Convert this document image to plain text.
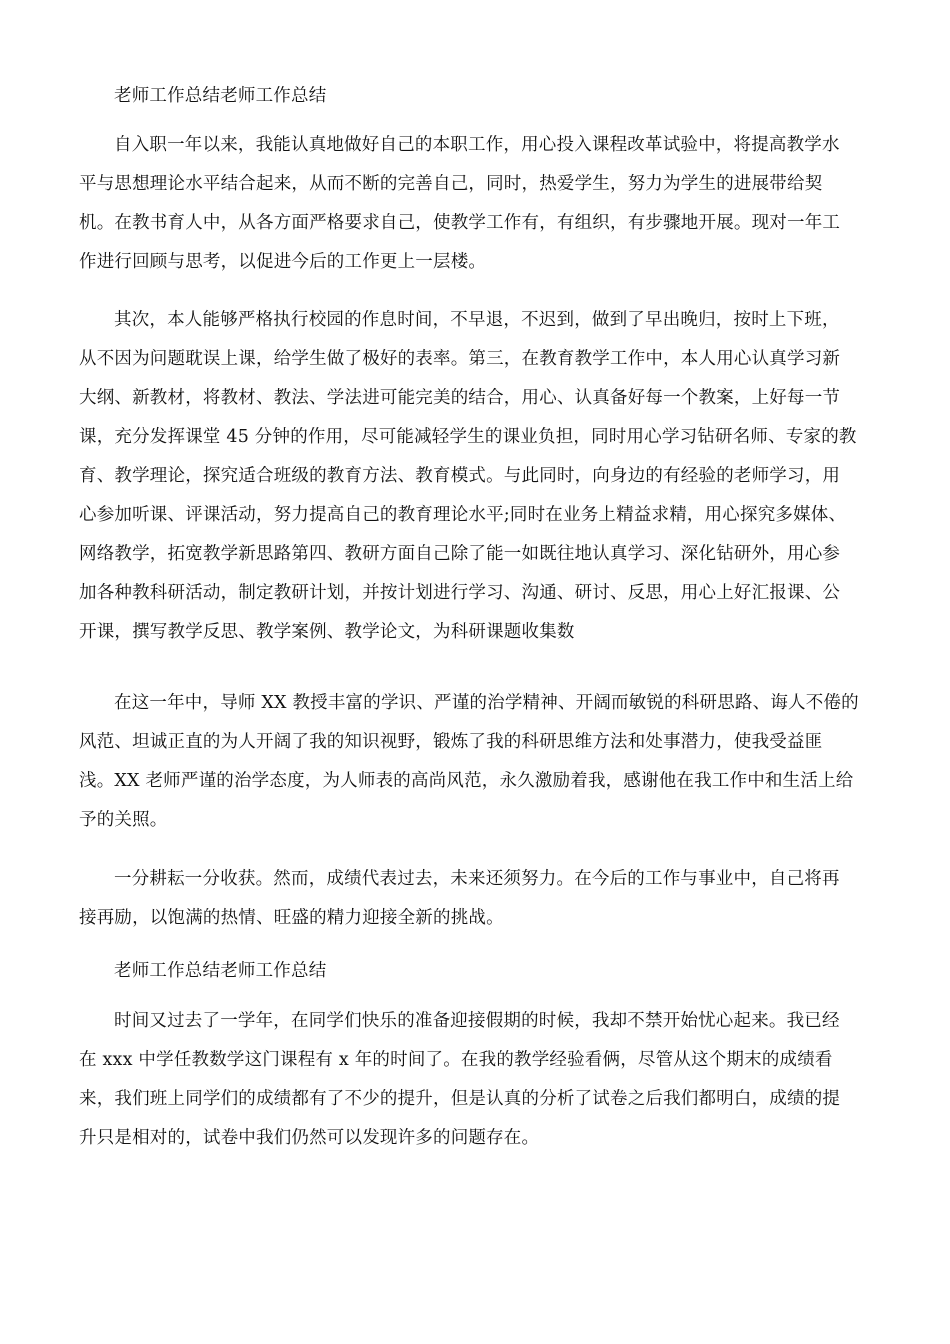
老师工作总结老师工作总结
自入职一年以来，我能认真地做好自己的本职工作，用心投入课程改革试验中，将提高教学水
平与思想理论水平结合起来，从而不断的完善自己，同时，热爱学生，努力为学生的进展带给契
机。在教书育人中，从各方面严格要求自己，使教学工作有，有组织，有步骤地开展。现对一年工
作进行回顾与思考，以促进今后的工作更上一层楼。
其次，本人能够严格执行校园的作息时间，不早退，不迟到，做到了早出晚归，按时上下班，
从不因为问题耽误上课，给学生做了极好的表率。第三，在教育教学工作中，本人用心认真学习新
大纲、新教材，将教材、教法、学法进可能完美的结合，用心、认真备好每一个教案，上好每一节
课，充分发挥课堂 45 分钟的作用，尽可能减轻学生的课业负担，同时用心学习钻研名师、专家的教
育、教学理论，探究适合班级的教育方法、教育模式。与此同时，向身边的有经验的老师学习，用
心参加听课、评课活动，努力提高自己的教育理论水平;同时在业务上精益求精，用心探究多媒体、
网络教学，拓宽教学新思路第四、教研方面自己除了能一如既往地认真学习、深化钻研外，用心参
加各种教科研活动，制定教研计划，并按计划进行学习、沟通、研讨、反思，用心上好汇报课、公
开课，撰写教学反思、教学案例、教学论文，为科研课题收集数
在这一年中，导师 XX 教授丰富的学识、严谨的治学精神、开阔而敏锐的科研思路、诲人不倦的
风范、坦诚正直的为人开阔了我的知识视野，锻炼了我的科研思维方法和处事潜力，使我受益匪
浅。XX 老师严谨的治学态度，为人师表的高尚风范，永久激励着我，感谢他在我工作中和生活上给
予的关照。
一分耕耘一分收获。然而，成绩代表过去，未来还须努力。在今后的工作与事业中，自己将再
接再励，以饱满的热情、旺盛的精力迎接全新的挑战。
老师工作总结老师工作总结
时间又过去了一学年，在同学们快乐的准备迎接假期的时候，我却不禁开始忧心起来。我已经
在 xxx 中学任教数学这门课程有 x 年的时间了。在我的教学经验看俩，尽管从这个期末的成绩看
来，我们班上同学们的成绩都有了不少的提升，但是认真的分析了试卷之后我们都明白，成绩的提
升只是相对的，试卷中我们仍然可以发现许多的问题存在。
